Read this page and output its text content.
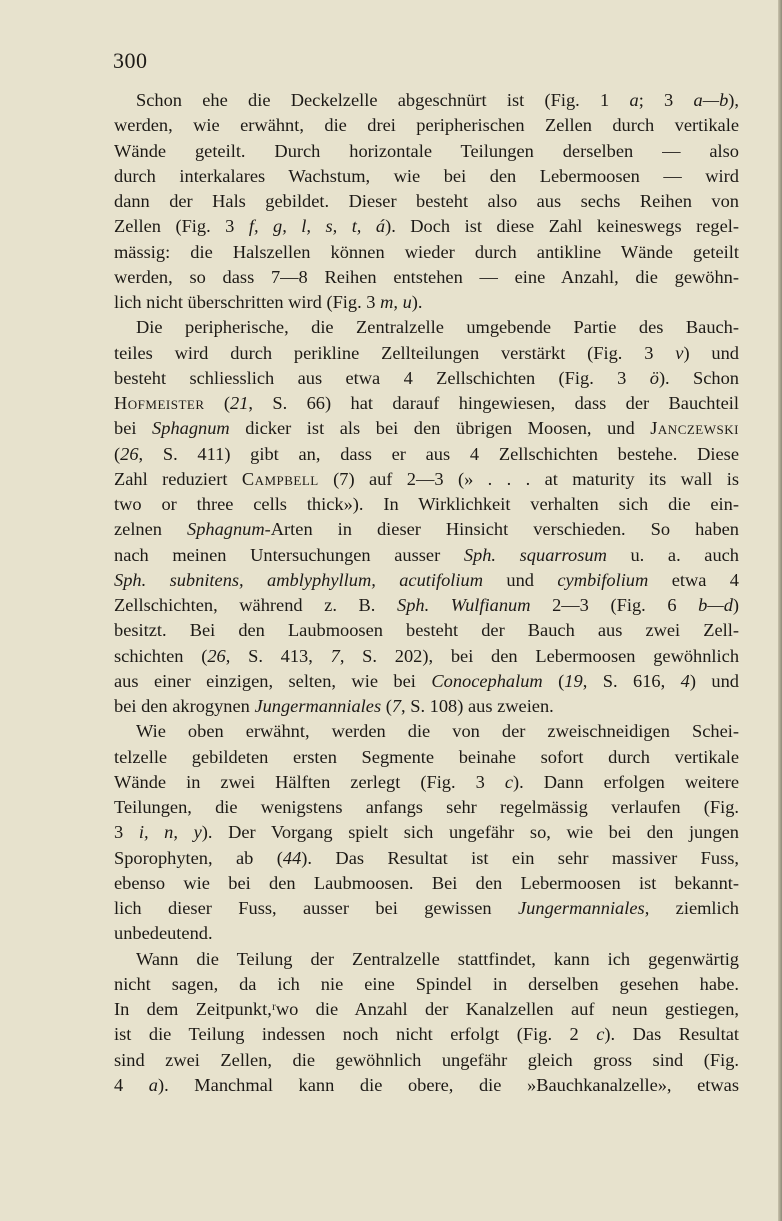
300
Schon ehe die Deckelzelle abgeschnürt ist (Fig. 1 a; 3 a—b),
werden, wie erwähnt, die drei peripherischen Zellen durch vertikale
Wände geteilt. Durch horizontale Teilungen derselben — also
durch interkalares Wachstum, wie bei den Lebermoosen — wird
dann der Hals gebildet. Dieser besteht also aus sechs Reihen von
Zellen (Fig. 3 f, g, l, s, t, á). Doch ist diese Zahl keineswegs regel-
mässig: die Halszellen können wieder durch antikline Wände geteilt
werden, so dass 7—8 Reihen entstehen — eine Anzahl, die gewöhn-
lich nicht überschritten wird (Fig. 3 m, u).
Die peripherische, die Zentralzelle umgebende Partie des Bauch-
teiles wird durch perikline Zellteilungen verstärkt (Fig. 3 v) und
besteht schliesslich aus etwa 4 Zellschichten (Fig. 3 ö). Schon
Hofmeister (21, S. 66) hat darauf hingewiesen, dass der Bauchteil
bei Sphagnum dicker ist als bei den übrigen Moosen, und Janczewski
(26, S. 411) gibt an, dass er aus 4 Zellschichten bestehe. Diese
Zahl reduziert Campbell (7) auf 2—3 (» . . . at maturity its wall is
two or three cells thick»). In Wirklichkeit verhalten sich die ein-
zelnen Sphagnum-Arten in dieser Hinsicht verschieden. So haben
nach meinen Untersuchungen ausser Sph. squarrosum u. a. auch
Sph. subnitens, amblyphyllum, acutifolium und cymbifolium etwa 4
Zellschichten, während z. B. Sph. Wulfianum 2—3 (Fig. 6 b—d)
besitzt. Bei den Laubmoosen besteht der Bauch aus zwei Zell-
schichten (26, S. 413, 7, S. 202), bei den Lebermoosen gewöhnlich
aus einer einzigen, selten, wie bei Conocephalum (19, S. 616, 4) und
bei den akrogynen Jungermanniales (7, S. 108) aus zweien.
Wie oben erwähnt, werden die von der zweischneidigen Schei-
telzelle gebildeten ersten Segmente beinahe sofort durch vertikale
Wände in zwei Hälften zerlegt (Fig. 3 c). Dann erfolgen weitere
Teilungen, die wenigstens anfangs sehr regelmässig verlaufen (Fig.
3 i, n, y). Der Vorgang spielt sich ungefähr so, wie bei den jungen
Sporophyten, ab (44). Das Resultat ist ein sehr massiver Fuss,
ebenso wie bei den Laubmoosen. Bei den Lebermoosen ist bekannt-
lich dieser Fuss, ausser bei gewissen Jungermanniales, ziemlich
unbedeutend.
Wann die Teilung der Zentralzelle stattfindet, kann ich gegenwärtig
nicht sagen, da ich nie eine Spindel in derselben gesehen habe.
In dem Zeitpunkt,ʳwo die Anzahl der Kanalzellen auf neun gestiegen,
ist die Teilung indessen noch nicht erfolgt (Fig. 2 c). Das Resultat
sind zwei Zellen, die gewöhnlich ungefähr gleich gross sind (Fig.
4 a). Manchmal kann die obere, die »Bauchkanalzelle», etwas
